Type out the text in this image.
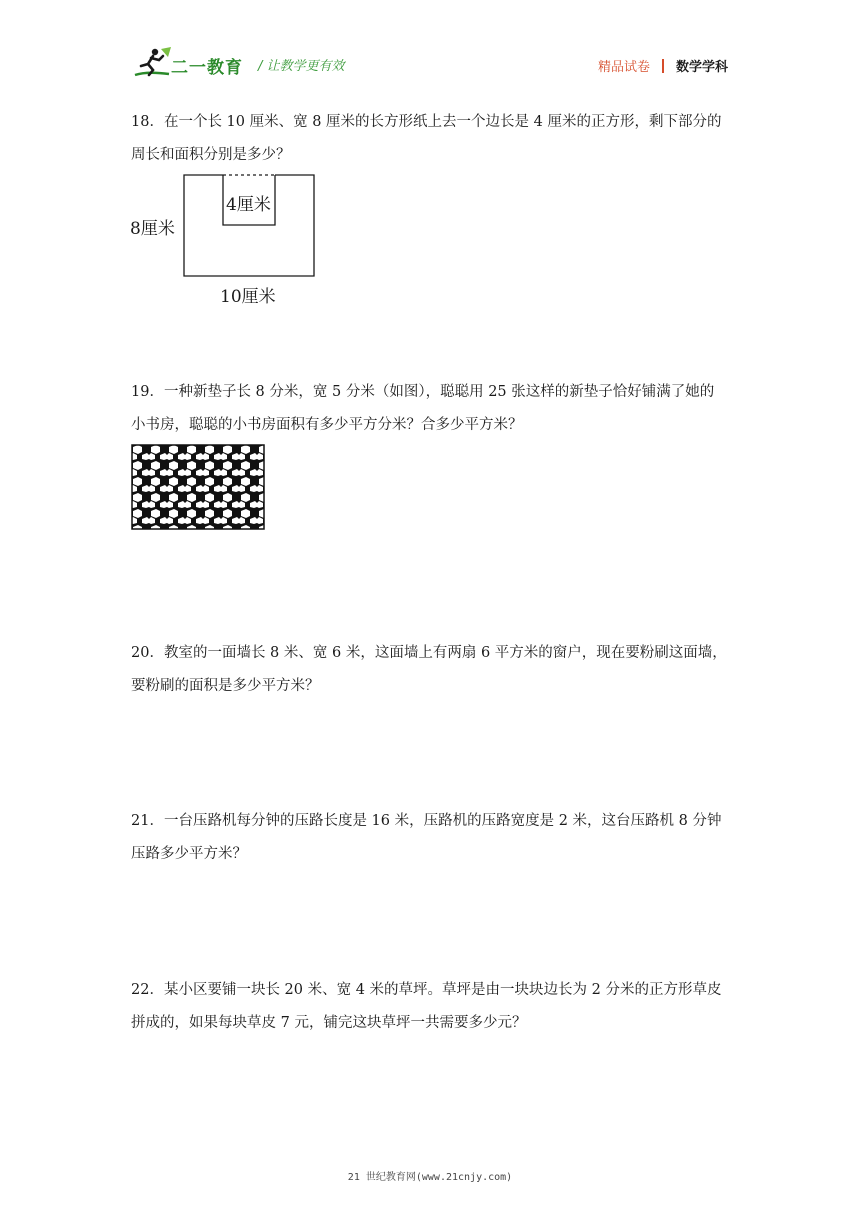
二一教育 / 让教学更有效	精品试卷 数学学科

18．在一个长 10 厘米、宽 8 厘米的长方形纸上去一个边长是 4 厘米的正方形，剩下部分的

周长和面积分别是多少？

4厘米
8厘米
10厘米

19．一种新垫子长 8 分米，宽 5 分米（如图），聪聪用 25 张这样的新垫子恰好铺满了她的

小书房，聪聪的小书房面积有多少平方分米？合多少平方米？

20．教室的一面墙长 8 米、宽 6 米，这面墙上有两扇 6 平方米的窗户，现在要粉刷这面墙，

要粉刷的面积是多少平方米？

21．一台压路机每分钟的压路长度是 16 米，压路机的压路宽度是 2 米，这台压路机 8 分钟

压路多少平方米？

22．某小区要铺一块长 20 米、宽 4 米的草坪。草坪是由一块块边长为 2 分米的正方形草皮

拼成的，如果每块草皮 7 元，铺完这块草坪一共需要多少元？

21 世纪教育网(www.21cnjy.com)
